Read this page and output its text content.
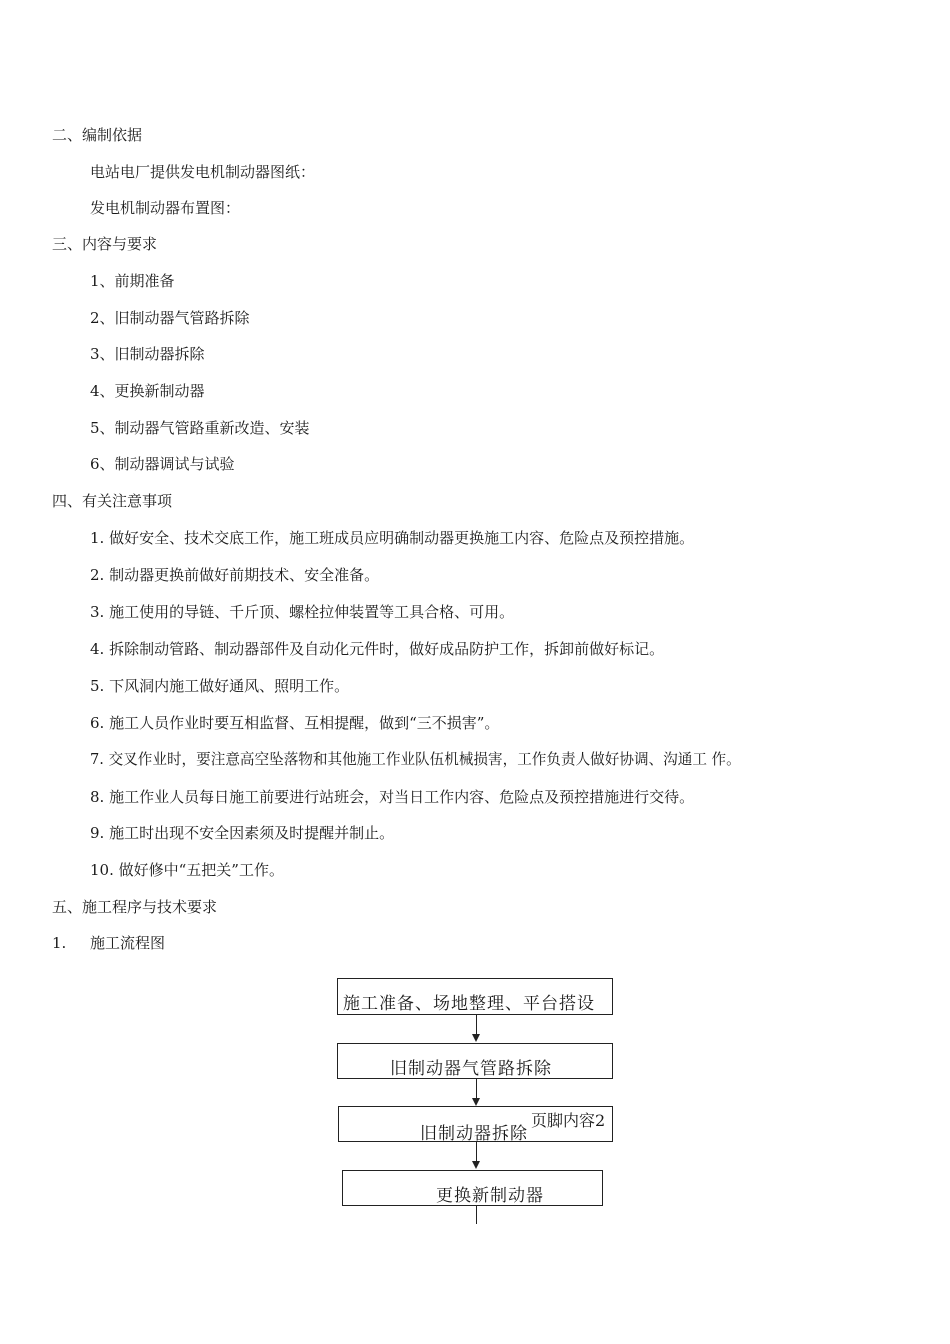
二、编制依据
电站电厂提供发电机制动器图纸：
发电机制动器布置图：
三、内容与要求
1、前期准备
2、旧制动器气管路拆除
3、旧制动器拆除
4、更换新制动器
5、制动器气管路重新改造、安装
6、制动器调试与试验
四、有关注意事项
1. 做好安全、技术交底工作，施工班成员应明确制动器更换施工内容、危险点及预控措施。
2. 制动器更换前做好前期技术、安全准备。
3. 施工使用的导链、千斤顶、螺栓拉伸装置等工具合格、可用。
4. 拆除制动管路、制动器部件及自动化元件时，做好成品防护工作，拆卸前做好标记。
5. 下风洞内施工做好通风、照明工作。
6. 施工人员作业时要互相监督、互相提醒，做到“三不损害”。
7. 交叉作业时，要注意高空坠落物和其他施工作业队伍机械损害，工作负责人做好协调、沟通工 作。
8. 施工作业人员每日施工前要进行站班会，对当日工作内容、危险点及预控措施进行交待。
9. 施工时出现不安全因素须及时提醒并制止。
10. 做好修中“五把关”工作。
五、施工程序与技术要求
1. 施工流程图
施工准备、场地整理、平台搭设
旧制动器气管路拆除
旧制动器拆除
页脚内容2
更换新制动器
